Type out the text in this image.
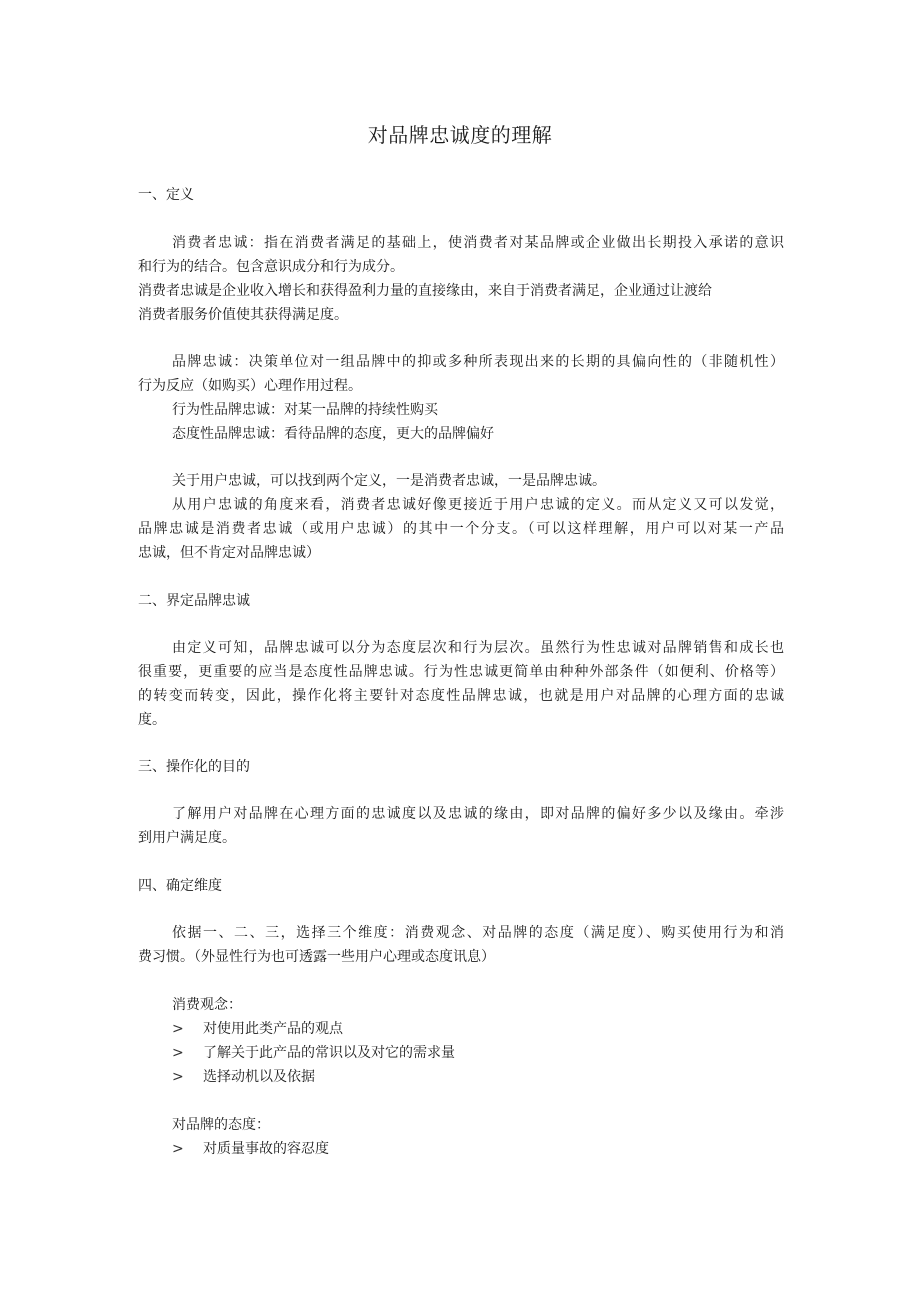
对品牌忠诚度的理解
一、定义
消费者忠诚：指在消费者满足的基础上，使消费者对某品牌或企业做出长期投入承诺的意识
和行为的结合。包含意识成分和行为成分。
消费者忠诚是企业收入增长和获得盈利力量的直接缘由，来自于消费者满足，企业通过让渡给
消费者服务价值使其获得满足度。
品牌忠诚：决策单位对一组品牌中的抑或多种所表现出来的长期的具偏向性的（非随机性）
行为反应（如购买）心理作用过程。
行为性品牌忠诚：对某一品牌的持续性购买
态度性品牌忠诚：看待品牌的态度，更大的品牌偏好
关于用户忠诚，可以找到两个定义，一是消费者忠诚，一是品牌忠诚。
从用户忠诚的角度来看，消费者忠诚好像更接近于用户忠诚的定义。而从定义又可以发觉，
品牌忠诚是消费者忠诚（或用户忠诚）的其中一个分支。（可以这样理解，用户可以对某一产品
忠诚，但不肯定对品牌忠诚）
二、界定品牌忠诚
由定义可知，品牌忠诚可以分为态度层次和行为层次。虽然行为性忠诚对品牌销售和成长也
很重要，更重要的应当是态度性品牌忠诚。行为性忠诚更简单由种种外部条件（如便利、价格等）
的转变而转变，因此，操作化将主要针对态度性品牌忠诚，也就是用户对品牌的心理方面的忠诚
度。
三、操作化的目的
了解用户对品牌在心理方面的忠诚度以及忠诚的缘由，即对品牌的偏好多少以及缘由。牵涉
到用户满足度。
四、确定维度
依据一、二、三，选择三个维度：消费观念、对品牌的态度（满足度）、购买使用行为和消
费习惯。（外显性行为也可透露一些用户心理或态度讯息）
消费观念：
> 对使用此类产品的观点
> 了解关于此产品的常识以及对它的需求量
> 选择动机以及依据
对品牌的态度：
> 对质量事故的容忍度
